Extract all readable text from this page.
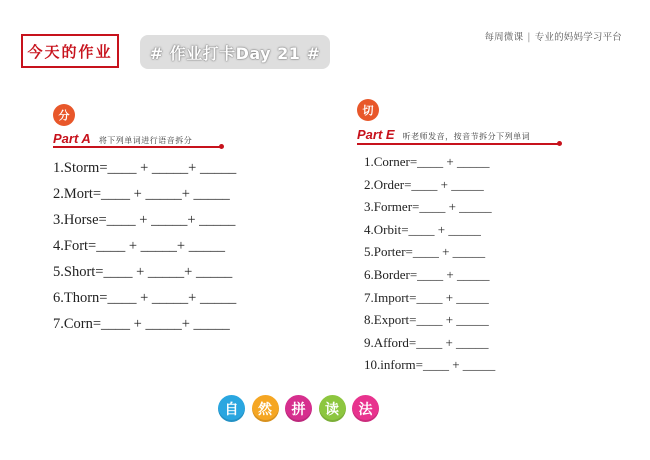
每周微课 | 专业的妈妈学习平台
今天的作业	# 作业打卡Day 21 #
分
Part A 将下列单词进行语音拆分
1.Storm=____ + _____+ _____
2.Mort=____ + _____+ _____
3.Horse=____ + _____+ _____
4.Fort=____ + _____+ _____
5.Short=____ + _____+ _____
6.Thorn=____ + _____+ _____
7.Corn=____ + _____+ _____
切
Part E 听老师发音，按音节拆分下列单词
1.Corner=____ + _____
2.Order=____ + _____
3.Former=____ + _____
4.Orbit=____ + _____
5.Porter=____ + _____
6.Border=____ + _____
7.Import=____ + _____
8.Export=____ + _____
9.Afford=____ + _____
10.inform=____ + _____
自	然	拼	读	法
